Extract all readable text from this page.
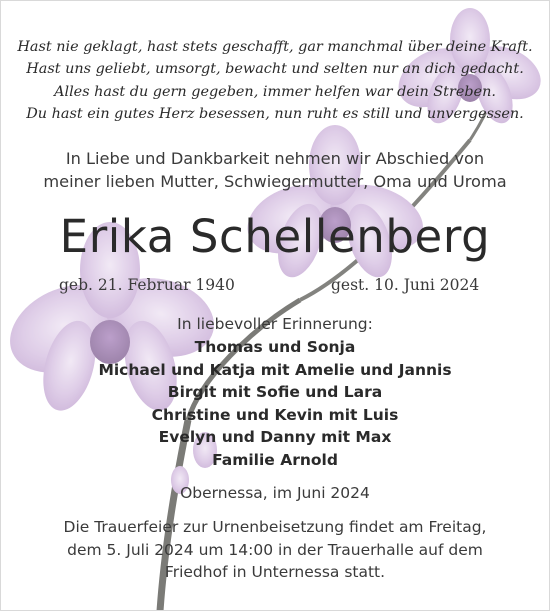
Hast nie geklagt, hast stets geschafft, gar manchmal über deine Kraft.
Hast uns geliebt, umsorgt, bewacht und selten nur an dich gedacht.
Alles hast du gern gegeben, immer helfen war dein Streben.
Du hast ein gutes Herz besessen, nun ruht es still und unvergessen.
In Liebe und Dankbarkeit nehmen wir Abschied von
meiner lieben Mutter, Schwiegermutter, Oma und Uroma
Erika Schellenberg
geb. 21. Februar 1940	gest. 10. Juni 2024
In liebevoller Erinnerung:
Thomas und Sonja
Michael und Katja mit Amelie und Jannis
Birgit mit Sofie und Lara
Christine und Kevin mit Luis
Evelyn und Danny mit Max
Familie Arnold
Obernessa, im Juni 2024
Die Trauerfeier zur Urnenbeisetzung findet am Freitag,
dem 5. Juli 2024 um 14:00 in der Trauerhalle auf dem
Friedhof in Unternessa statt.
